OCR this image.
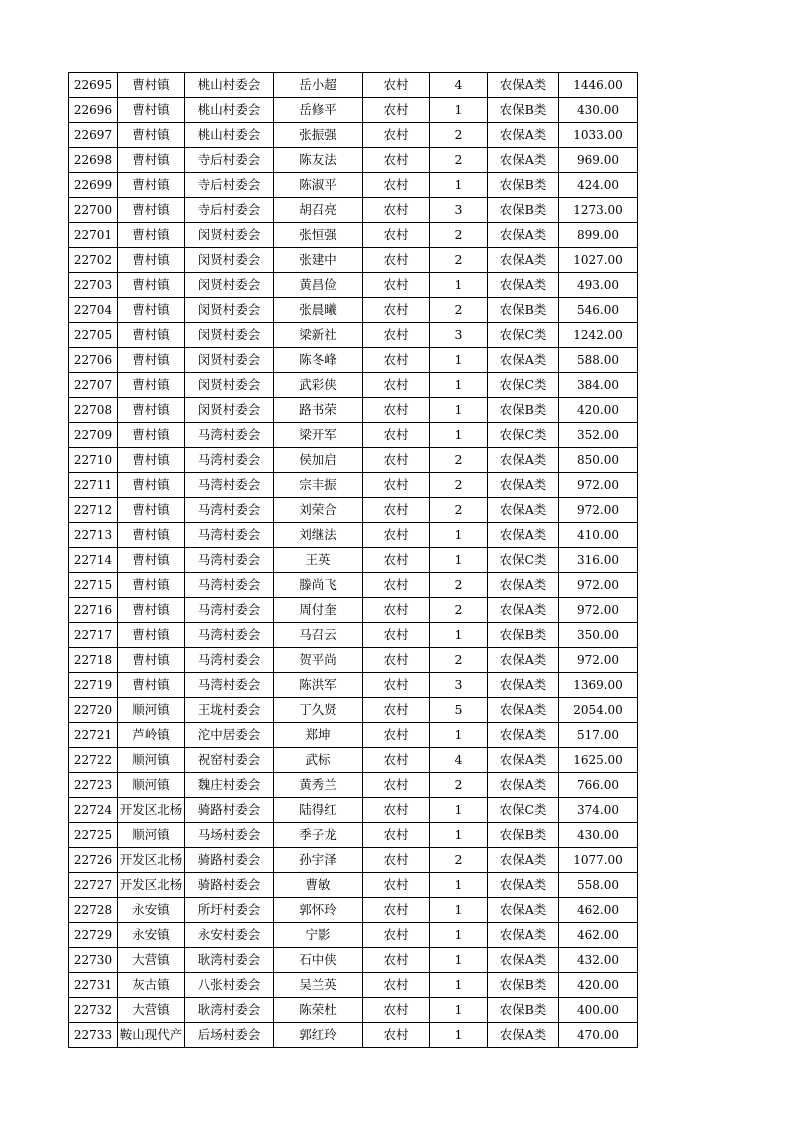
22695	曹村镇	桃山村委会	岳小超	农村	4	农保A类	1446.00
22696	曹村镇	桃山村委会	岳修平	农村	1	农保B类	430.00
22697	曹村镇	桃山村委会	张振强	农村	2	农保A类	1033.00
22698	曹村镇	寺后村委会	陈友法	农村	2	农保A类	969.00
22699	曹村镇	寺后村委会	陈淑平	农村	1	农保B类	424.00
22700	曹村镇	寺后村委会	胡召亮	农村	3	农保B类	1273.00
22701	曹村镇	闵贤村委会	张恒强	农村	2	农保A类	899.00
22702	曹村镇	闵贤村委会	张建中	农村	2	农保A类	1027.00
22703	曹村镇	闵贤村委会	黄昌俭	农村	1	农保A类	493.00
22704	曹村镇	闵贤村委会	张晨曦	农村	2	农保B类	546.00
22705	曹村镇	闵贤村委会	梁新社	农村	3	农保C类	1242.00
22706	曹村镇	闵贤村委会	陈冬峰	农村	1	农保A类	588.00
22707	曹村镇	闵贤村委会	武彩侠	农村	1	农保C类	384.00
22708	曹村镇	闵贤村委会	路书荣	农村	1	农保B类	420.00
22709	曹村镇	马湾村委会	梁开军	农村	1	农保C类	352.00
22710	曹村镇	马湾村委会	侯加启	农村	2	农保A类	850.00
22711	曹村镇	马湾村委会	宗丰振	农村	2	农保A类	972.00
22712	曹村镇	马湾村委会	刘荣合	农村	2	农保A类	972.00
22713	曹村镇	马湾村委会	刘继法	农村	1	农保A类	410.00
22714	曹村镇	马湾村委会	王英	农村	1	农保C类	316.00
22715	曹村镇	马湾村委会	滕尚飞	农村	2	农保A类	972.00
22716	曹村镇	马湾村委会	周付奎	农村	2	农保A类	972.00
22717	曹村镇	马湾村委会	马召云	农村	1	农保B类	350.00
22718	曹村镇	马湾村委会	贺平尚	农村	2	农保A类	972.00
22719	曹村镇	马湾村委会	陈洪军	农村	3	农保A类	1369.00
22720	顺河镇	王垅村委会	丁久贤	农村	5	农保A类	2054.00
22721	芦岭镇	沱中居委会	郑坤	农村	1	农保A类	517.00
22722	顺河镇	祝窑村委会	武标	农村	4	农保A类	1625.00
22723	顺河镇	魏庄村委会	黄秀兰	农村	2	农保A类	766.00
22724	开发区北杨	骑路村委会	陆得红	农村	1	农保C类	374.00
22725	顺河镇	马场村委会	季子龙	农村	1	农保B类	430.00
22726	开发区北杨	骑路村委会	孙宇泽	农村	2	农保A类	1077.00
22727	开发区北杨	骑路村委会	曹敏	农村	1	农保A类	558.00
22728	永安镇	所圩村委会	郭怀玲	农村	1	农保A类	462.00
22729	永安镇	永安村委会	宁影	农村	1	农保A类	462.00
22730	大营镇	耿湾村委会	石中侠	农村	1	农保A类	432.00
22731	灰古镇	八张村委会	吴兰英	农村	1	农保B类	420.00
22732	大营镇	耿湾村委会	陈荣杜	农村	1	农保B类	400.00
22733	鞍山现代产	后场村委会	郭红玲	农村	1	农保A类	470.00
